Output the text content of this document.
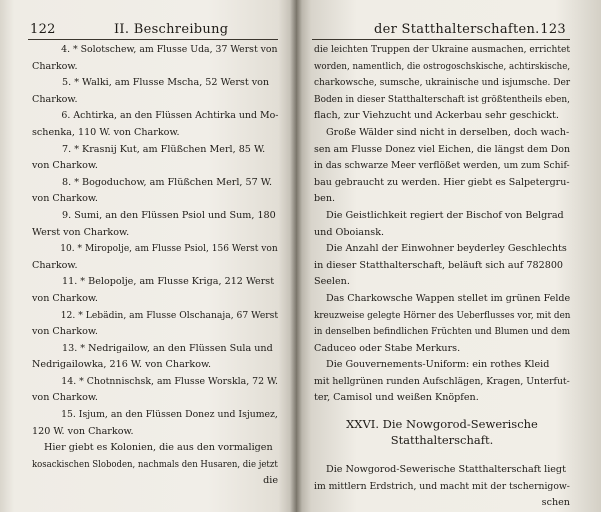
122	II. Beschreibung
4. * Solotschew, am Flusse Uda, 37 Werst von
Charkow.
5. * Walki, am Flusse Mscha, 52 Werst von
Charkow.
6. Achtirka, an den Flüssen Achtirka und Mo-
schenka, 110 W. von Charkow.
7. * Krasnij Kut, am Flüßchen Merl, 85 W.
von Charkow.
8. * Bogoduchow, am Flüßchen Merl, 57 W.
von Charkow.
9. Sumi, an den Flüssen Psiol und Sum, 180
Werst von Charkow.
10. * Miropolje, am Flusse Psiol, 156 Werst von
Charkow.
11. * Belopolje, am Flusse Kriga, 212 Werst
von Charkow.
12. * Lebädin, am Flusse Olschanaja, 67 Werst
von Charkow.
13. * Nedrigailow, an den Flüssen Sula und
Nedrigailowka, 216 W. von Charkow.
14. * Chotnnischsk, am Flusse Worskla, 72 W.
von Charkow.
15. Isjum, an den Flüssen Donez und Isjumez,
120 W. von Charkow.
Hier giebt es Kolonien, die aus den vormaligen
kosackischen Sloboden, nachmals den Husaren, die jetzt
die
der Statthalterschaften. 123
die leichten Truppen der Ukraine ausmachen, errichtet
worden, namentlich, die ostrogoschskische, achtirskische,
charkowsche, sumsche, ukrainische und isjumsche. Der
Boden in dieser Statthalterschaft ist größtentheils eben,
flach, zur Viehzucht und Ackerbau sehr geschickt.
Große Wälder sind nicht in derselben, doch wach-
sen am Flusse Donez viel Eichen, die längst dem Don
in das schwarze Meer verflößet werden, um zum Schif-
bau gebraucht zu werden. Hier giebt es Salpetergru-
ben.
Die Geistlichkeit regiert der Bischof von Belgrad
und Oboiansk.
Die Anzahl der Einwohner beyderley Geschlechts
in dieser Statthalterschaft, beläuft sich auf 782800
Seelen.
Das Charkowsche Wappen stellet im grünen Felde
kreuzweise gelegte Hörner des Ueberflusses vor, mit den
in denselben befindlichen Früchten und Blumen und dem
Caduceo oder Stabe Merkurs.
Die Gouvernements-Uniform: ein rothes Kleid
mit hellgrünen runden Aufschlägen, Kragen, Unterfut-
ter, Camisol und weißen Knöpfen.
XXVI. Die Nowgorod-Sewerische
Statthalterschaft.
Die Nowgorod-Sewerische Statthalterschaft liegt
im mittlern Erdstrich, und macht mit der tschernigow-
schen
